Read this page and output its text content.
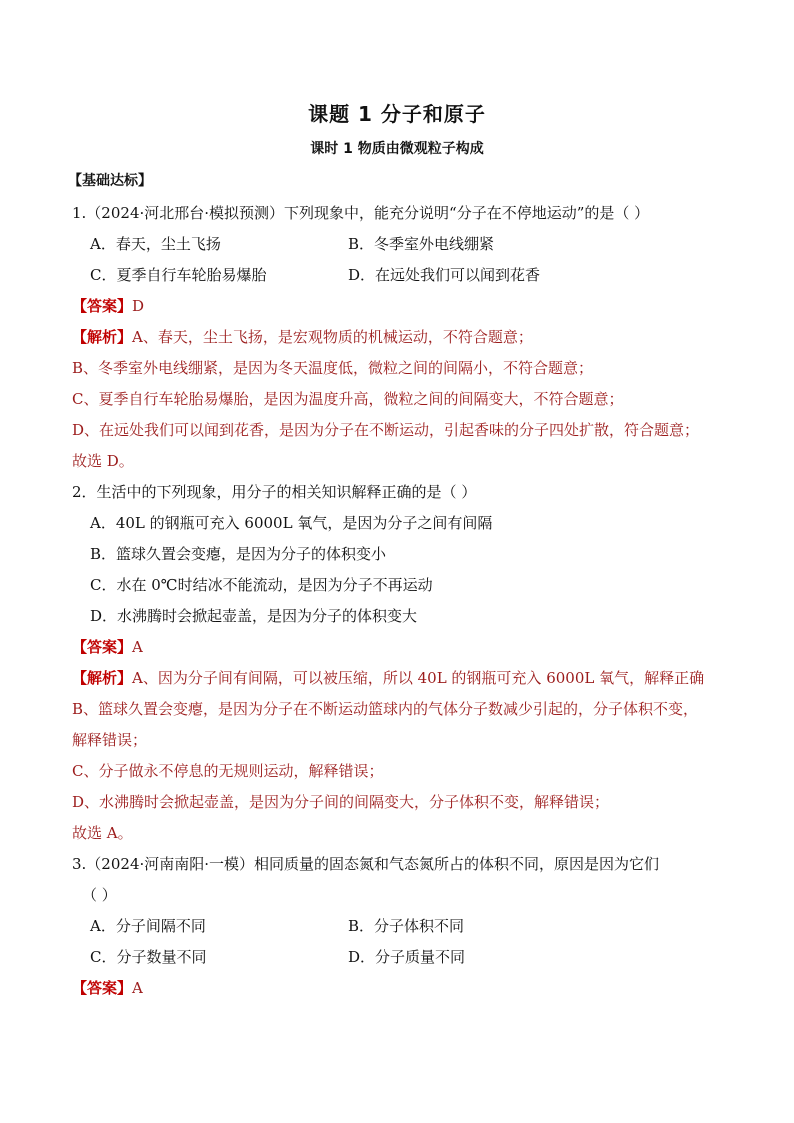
课题 1 分子和原子
课时 1 物质由微观粒子构成
【基础达标】
1.（2024·河北邢台·模拟预测）下列现象中，能充分说明“分子在不停地运动”的是（ ）
A．春天，尘土飞扬	B．冬季室外电线绷紧
C．夏季自行车轮胎易爆胎	D．在远处我们可以闻到花香
【答案】D
【解析】A、春天，尘土飞扬，是宏观物质的机械运动，不符合题意；
B、冬季室外电线绷紧，是因为冬天温度低，微粒之间的间隔小，不符合题意；
C、夏季自行车轮胎易爆胎，是因为温度升高，微粒之间的间隔变大，不符合题意；
D、在远处我们可以闻到花香，是因为分子在不断运动，引起香味的分子四处扩散，符合题意；
故选 D。
2．生活中的下列现象，用分子的相关知识解释正确的是（ ）
A．40L 的钢瓶可充入 6000L 氧气，是因为分子之间有间隔
B．篮球久置会变瘪，是因为分子的体积变小
C．水在 0℃时结冰不能流动，是因为分子不再运动
D．水沸腾时会掀起壶盖，是因为分子的体积变大
【答案】A
【解析】A、因为分子间有间隔，可以被压缩，所以 40L 的钢瓶可充入 6000L 氧气，解释正确
B、篮球久置会变瘪，是因为分子在不断运动篮球内的气体分子数减少引起的，分子体积不变，
解释错误；
C、分子做永不停息的无规则运动，解释错误；
D、水沸腾时会掀起壶盖，是因为分子间的间隔变大，分子体积不变，解释错误；
故选 A。
3.（2024·河南南阳·一模）相同质量的固态氮和气态氮所占的体积不同，原因是因为它们
（ ）
A．分子间隔不同	B．分子体积不同
C．分子数量不同	D．分子质量不同
【答案】A
